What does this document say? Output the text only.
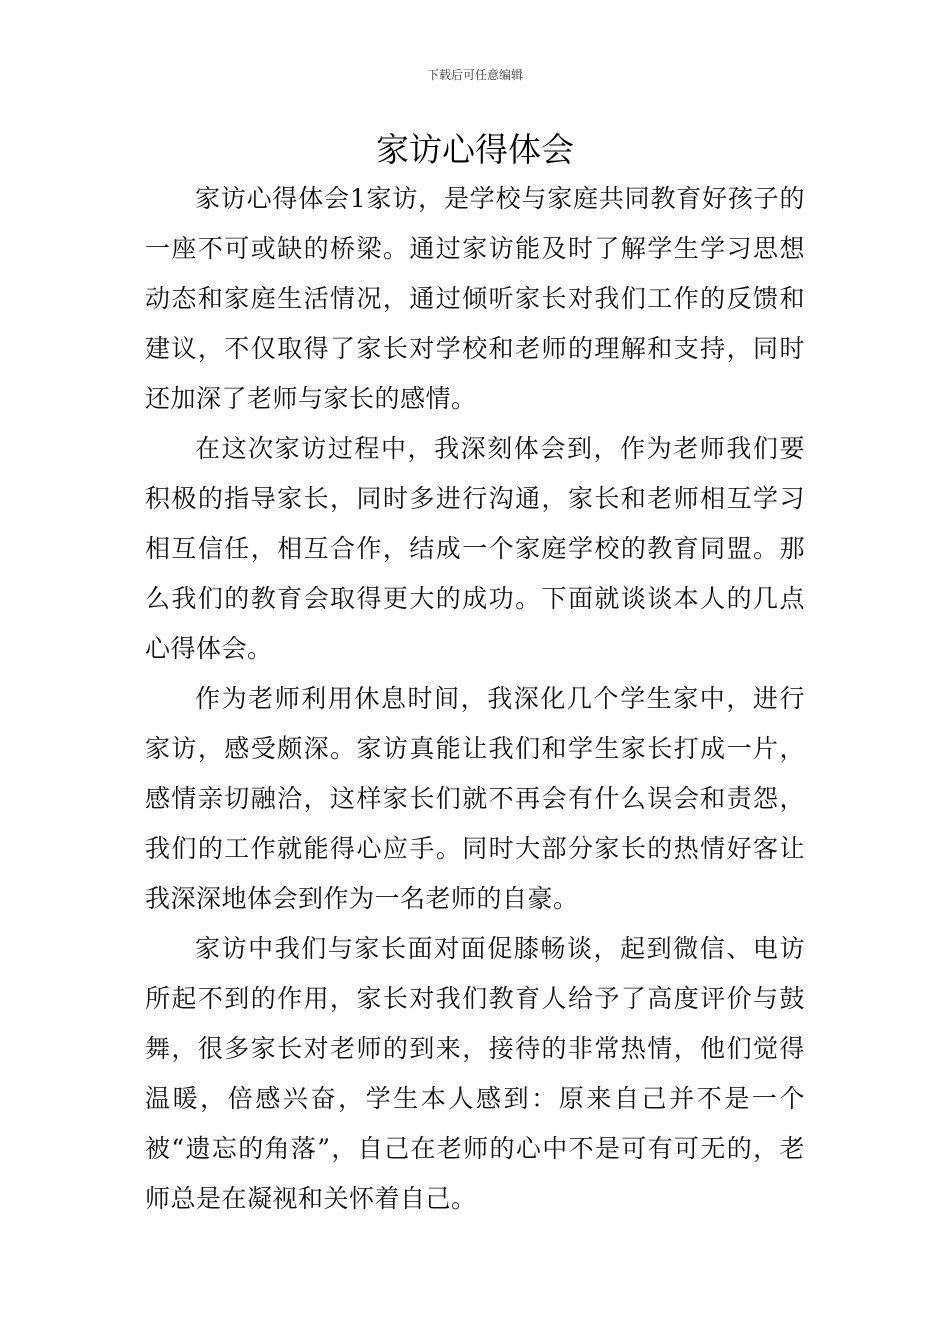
下载后可任意编辑
家访心得体会

家访心得体会1家访，是学校与家庭共同教育好孩子的一座不可或缺的桥梁。通过家访能及时了解学生学习思想动态和家庭生活情况，通过倾听家长对我们工作的反馈和建议，不仅取得了家长对学校和老师的理解和支持，同时还加深了老师与家长的感情。

在这次家访过程中，我深刻体会到，作为老师我们要积极的指导家长，同时多进行沟通，家长和老师相互学习相互信任，相互合作，结成一个家庭学校的教育同盟。那么我们的教育会取得更大的成功。下面就谈谈本人的几点心得体会。

作为老师利用休息时间，我深化几个学生家中，进行家访，感受颇深。家访真能让我们和学生家长打成一片，感情亲切融洽，这样家长们就不再会有什么误会和责怨，我们的工作就能得心应手。同时大部分家长的热情好客让我深深地体会到作为一名老师的自豪。

家访中我们与家长面对面促膝畅谈，起到微信、电访所起不到的作用，家长对我们教育人给予了高度评价与鼓舞，很多家长对老师的到来，接待的非常热情，他们觉得温暖，倍感兴奋，学生本人感到：原来自己并不是一个被“遗忘的角落”，自己在老师的心中不是可有可无的，老师总是在凝视和关怀着自己。
